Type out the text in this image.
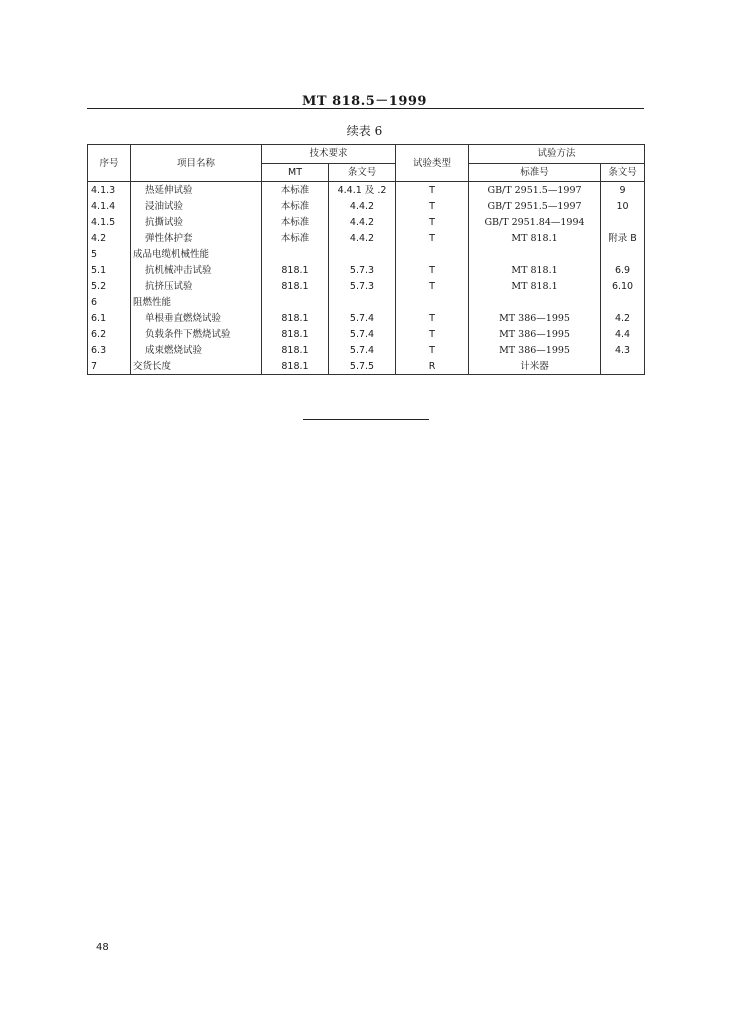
MT 818.5－1999
续表 6
序号	项目名称	技术要求		试验类型	试验方法	
		MT	条文号		标准号	条文号
4.1.3	热延伸试验	本标准	4.4.1 及 .2	T	GB/T 2951.5—1997	9
4.1.4	浸油试验	本标准	4.4.2	T	GB/T 2951.5—1997	10
4.1.5	抗撕试验	本标准	4.4.2	T	GB/T 2951.84—1994	
4.2	弹性体护套	本标准	4.4.2	T	MT 818.1	附录 B
5	成品电缆机械性能					
5.1	抗机械冲击试验	818.1	5.7.3	T	MT 818.1	6.9
5.2	抗挤压试验	818.1	5.7.3	T	MT 818.1	6.10
6	阻燃性能					
6.1	单根垂直燃烧试验	818.1	5.7.4	T	MT 386—1995	4.2
6.2	负载条件下燃烧试验	818.1	5.7.4	T	MT 386—1995	4.4
6.3	成束燃烧试验	818.1	5.7.4	T	MT 386—1995	4.3
7	交货长度	818.1	5.7.5	R	计米器	
48
